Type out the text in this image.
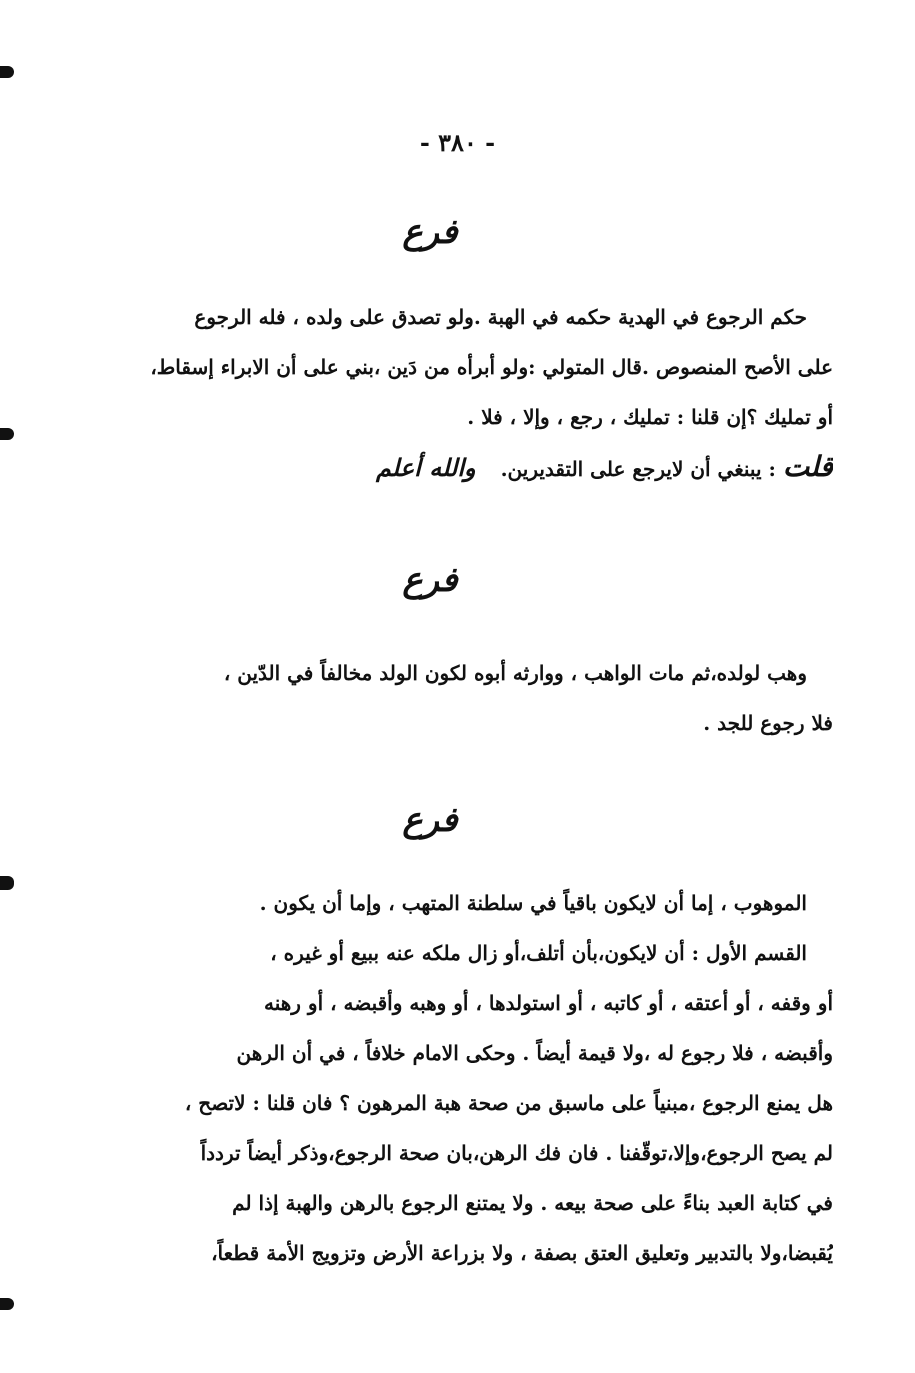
- ٣٨٠ -
فرع
حكم الرجوع في الهدية حكمه في الهبة .ولو تصدق على ولده ، فله الرجوع
على الأصح المنصوص .قال المتولي :ولو أبرأه من دَين ،بني على أن الابراء إسقاط،
أو تمليك ؟إن قلنا : تمليك ، رجع ، وإلا ، فلا .
قلت : يبنغي أن لايرجع على التقديرين. والله أعلم
فرع
وهب لولده،ثم مات الواهب ، ووارثه أبوه لكون الولد مخالفاً في الدّين ،
فلا رجوع للجد .
فرع
الموهوب ، إما أن لايكون باقياً في سلطنة المتهب ، وإما أن يكون .
القسم الأول : أن لايكون،بأن أتلف،أو زال ملكه عنه ببيع أو غيره ،
أو وقفه ، أو أعتقه ، أو كاتبه ، أو استولدها ، أو وهبه وأقبضه ، أو رهنه
وأقبضه ، فلا رجوع له ،ولا قيمة أيضاً . وحكى الامام خلافاً ، في أن الرهن
هل يمنع الرجوع ،مبنياً على ماسبق من صحة هبة المرهون ؟ فان قلنا : لاتصح ،
لم يصح الرجوع،وإلا،توقّفنا . فان فك الرهن،بان صحة الرجوع،وذكر أيضاً تردداً
في كتابة العبد بناءً على صحة بيعه . ولا يمتنع الرجوع بالرهن والهبة إذا لم
يُقبضا،ولا بالتدبير وتعليق العتق بصفة ، ولا بزراعة الأرض وتزويج الأمة قطعاً،
